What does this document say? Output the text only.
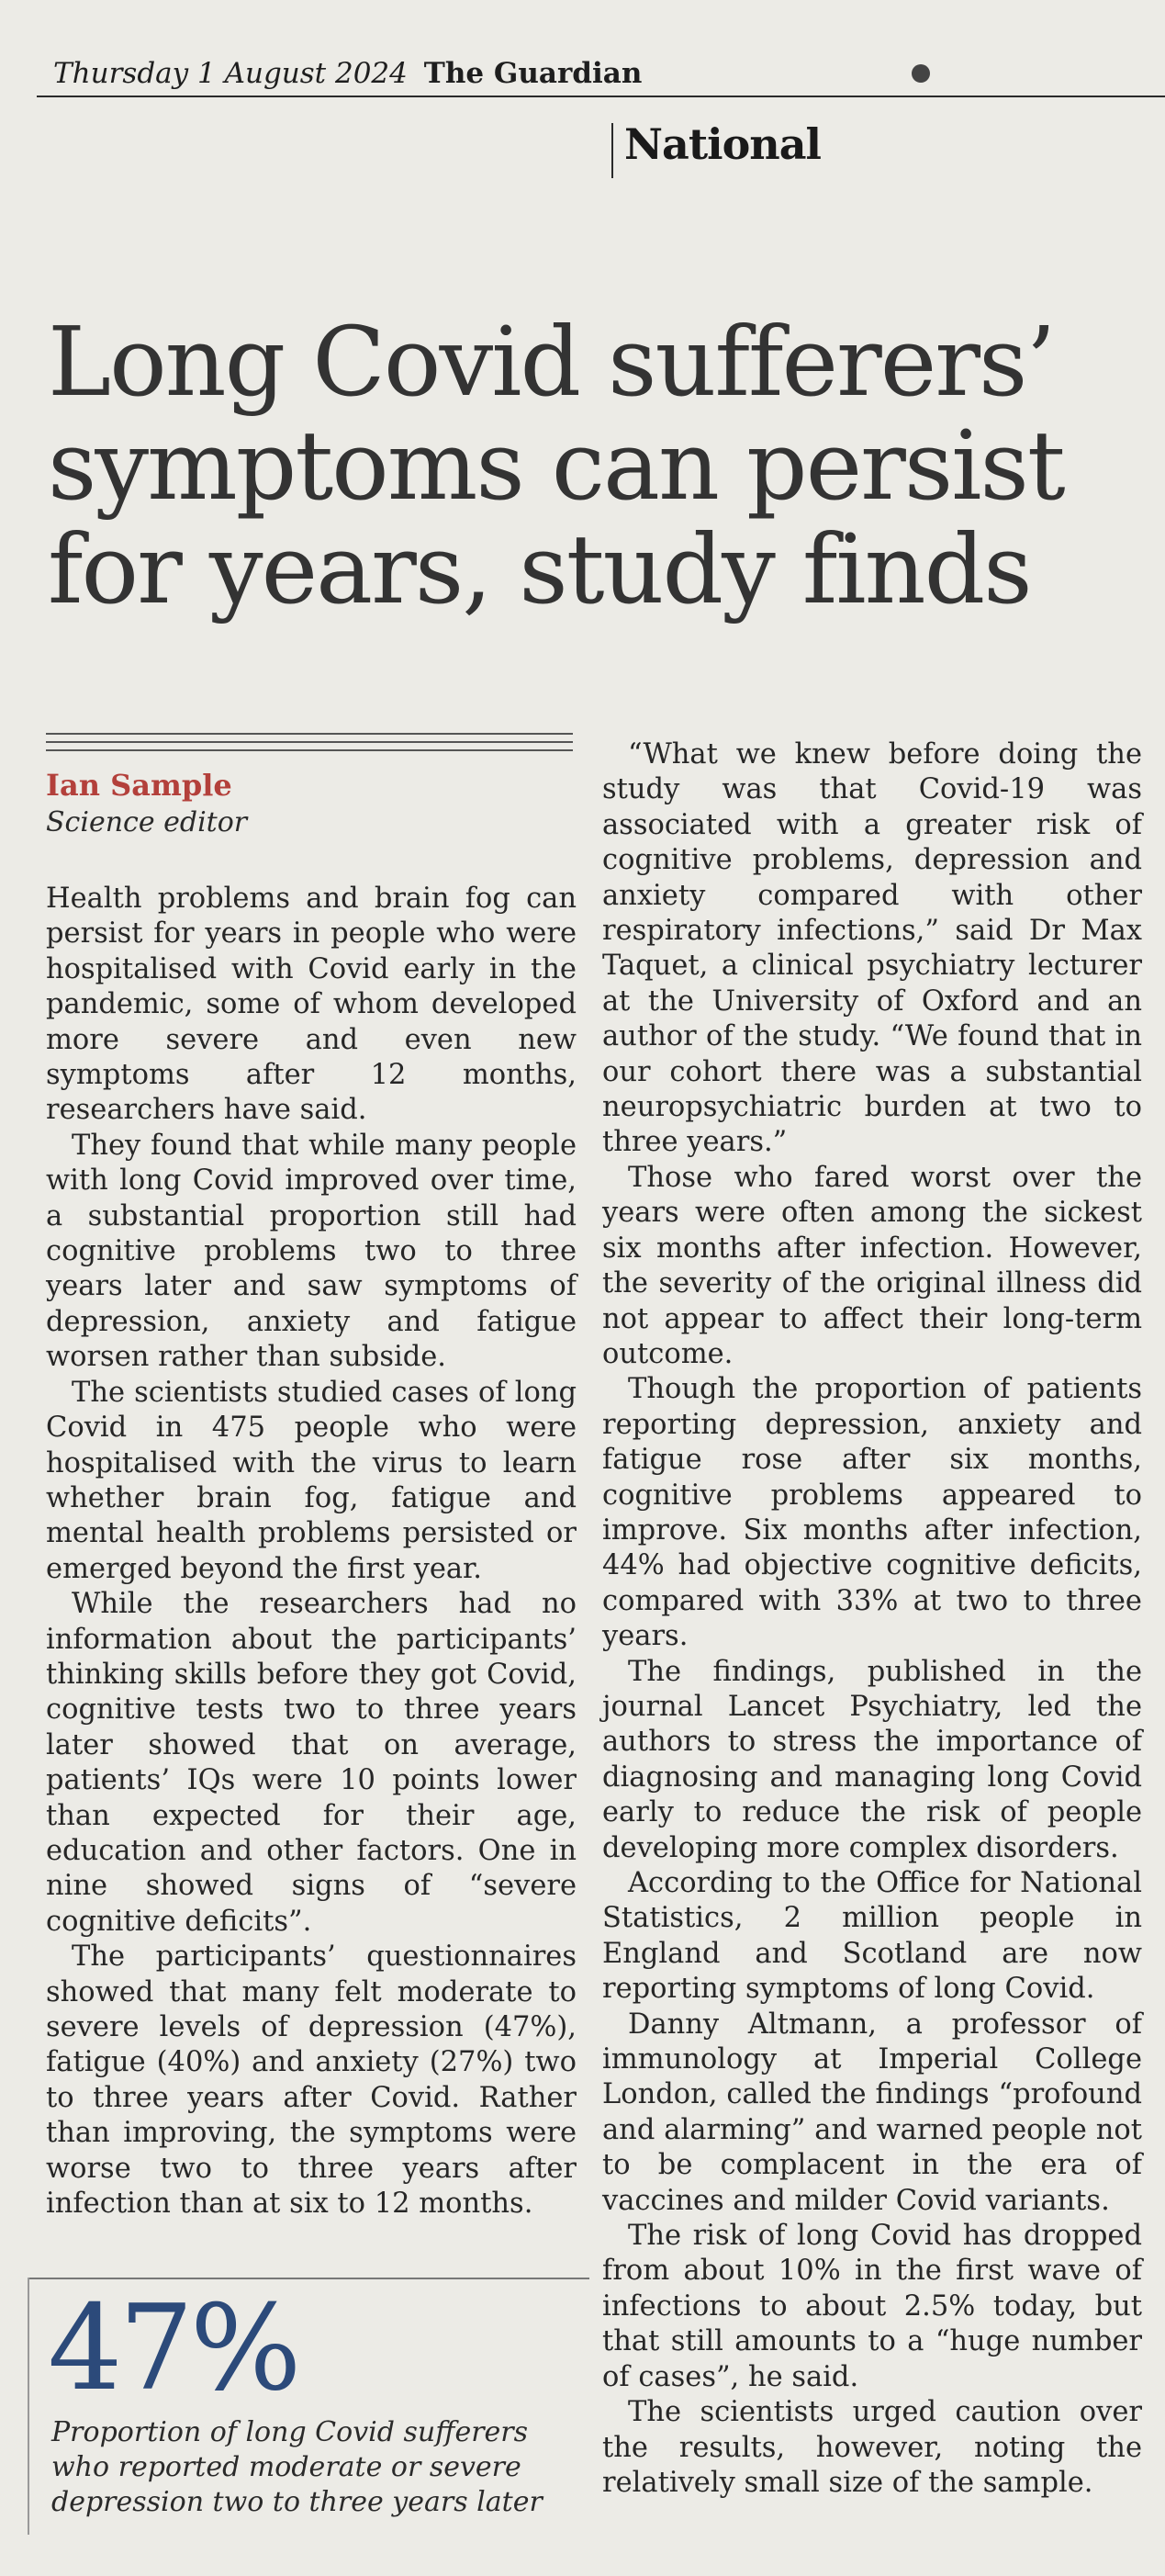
Thursday 1 August 2024 The Guardian
National
Long Covid sufferers’
symptoms can persist
for years, study finds
Ian Sample
Science editor

Health problems and brain fog can persist for years in people who were hospitalised with Covid early in the pandemic, some of whom developed more severe and even new symptoms after 12 months, researchers have said.

They found that while many people with long Covid improved over time, a substantial proportion still had cognitive problems two to three years later and saw symptoms of depression, anxiety and fatigue worsen rather than subside.

The scientists studied cases of long Covid in 475 people who were hospitalised with the virus to learn whether brain fog, fatigue and mental health problems persisted or emerged beyond the first year.

While the researchers had no information about the participants’ thinking skills before they got Covid, cognitive tests two to three years later showed that on average, patients’ IQs were 10 points lower than expected for their age, education and other factors. One in nine showed signs of “severe cognitive deficits”.

The participants’ questionnaires showed that many felt moderate to severe levels of depression (47%), fatigue (40%) and anxiety (27%) two to three years after Covid. Rather than improving, the symptoms were worse two to three years after infection than at six to 12 months.

“What we knew before doing the study was that Covid-19 was associated with a greater risk of cognitive problems, depression and anxiety compared with other respiratory infections,” said Dr Max Taquet, a clinical psychiatry lecturer at the University of Oxford and an author of the study. “We found that in our cohort there was a substantial neuropsychiatric burden at two to three years.”

Those who fared worst over the years were often among the sickest six months after infection. However, the severity of the original illness did not appear to affect their long-term outcome.

Though the proportion of patients reporting depression, anxiety and fatigue rose after six months, cognitive problems appeared to improve. Six months after infection, 44% had objective cognitive deficits, compared with 33% at two to three years.

The findings, published in the journal Lancet Psychiatry, led the authors to stress the importance of diagnosing and managing long Covid early to reduce the risk of people developing more complex disorders.

According to the Office for National Statistics, 2 million people in England and Scotland are now reporting symptoms of long Covid.

Danny Altmann, a professor of immunology at Imperial College London, called the findings “profound and alarming” and warned people not to be complacent in the era of vaccines and milder Covid variants.

The risk of long Covid has dropped from about 10% in the first wave of infections to about 2.5% today, but that still amounts to a “huge number of cases”, he said.

The scientists urged caution over the results, however, noting the relatively small size of the sample.

47%
Proportion of long Covid sufferers who reported moderate or severe depression two to three years later
